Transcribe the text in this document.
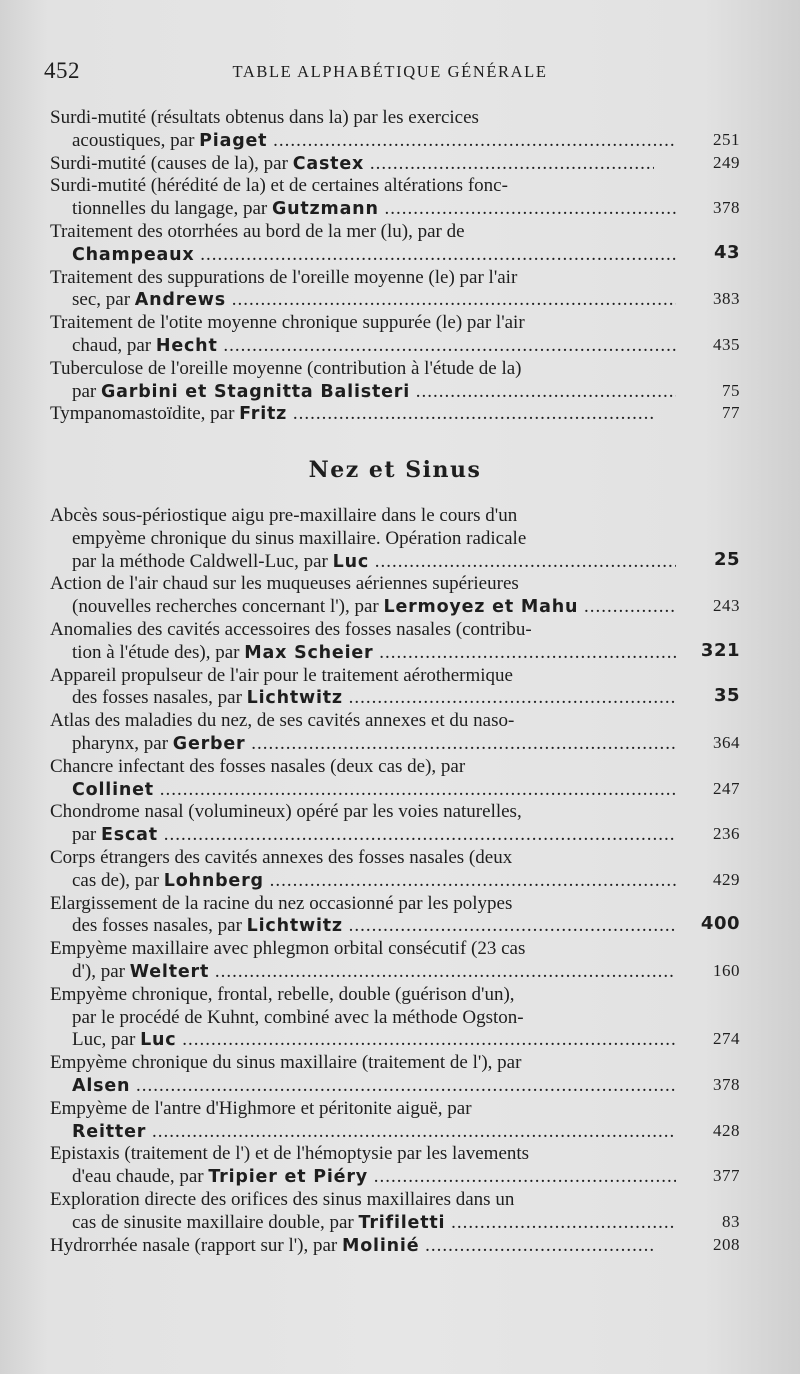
452	TABLE ALPHABÉTIQUE GÉNÉRALE
Surdi-mutité (résultats obtenus dans la) par les exercices
acoustiques, par Piaget .....	251
Surdi-mutité (causes de la), par Castex .....	249
Surdi-mutité (hérédité de la) et de certaines altérations fonc-
tionnelles du langage, par Gutzmann .....	378
Traitement des otorrhées au bord de la mer (lu), par de
Champeaux .....	43
Traitement des suppurations de l'oreille moyenne (le) par l'air
sec, par Andrews .....	383
Traitement de l'otite moyenne chronique suppurée (le) par l'air
chaud, par Hecht .....	435
Tuberculose de l'oreille moyenne (contribution à l'étude de la)
par Garbini et Stagnitta Balisteri .....	75
Tympanomastoïdite, par Fritz .....	77
Nez et Sinus
Abcès sous-périostique aigu pre-maxillaire dans le cours d'un
empyème chronique du sinus maxillaire. Opération radicale
par la méthode Caldwell-Luc, par Luc .....	25
Action de l'air chaud sur les muqueuses aériennes supérieures
(nouvelles recherches concernant l'), par Lermoyez et Mahu .....	243
Anomalies des cavités accessoires des fosses nasales (contribu-
tion à l'étude des), par Max Scheier .....	321
Appareil propulseur de l'air pour le traitement aérothermique
des fosses nasales, par Lichtwitz .....	35
Atlas des maladies du nez, de ses cavités annexes et du naso-
pharynx, par Gerber .....	364
Chancre infectant des fosses nasales (deux cas de), par
Collinet .....	247
Chondrome nasal (volumineux) opéré par les voies naturelles,
par Escat .....	236
Corps étrangers des cavités annexes des fosses nasales (deux
cas de), par Lohnberg .....	429
Elargissement de la racine du nez occasionné par les polypes
des fosses nasales, par Lichtwitz .....	400
Empyème maxillaire avec phlegmon orbital consécutif (23 cas
d'), par Weltert .....	160
Empyème chronique, frontal, rebelle, double (guérison d'un),
par le procédé de Kuhnt, combiné avec la méthode Ogston-
Luc, par Luc .....	274
Empyème chronique du sinus maxillaire (traitement de l'), par
Alsen .....	378
Empyème de l'antre d'Highmore et péritonite aiguë, par
Reitter .....	428
Epistaxis (traitement de l') et de l'hémoptysie par les lavements
d'eau chaude, par Tripier et Piéry .....	377
Exploration directe des orifices des sinus maxillaires dans un
cas de sinusite maxillaire double, par Trifiletti .....	83
Hydrorrhée nasale (rapport sur l'), par Molinié .....	208
